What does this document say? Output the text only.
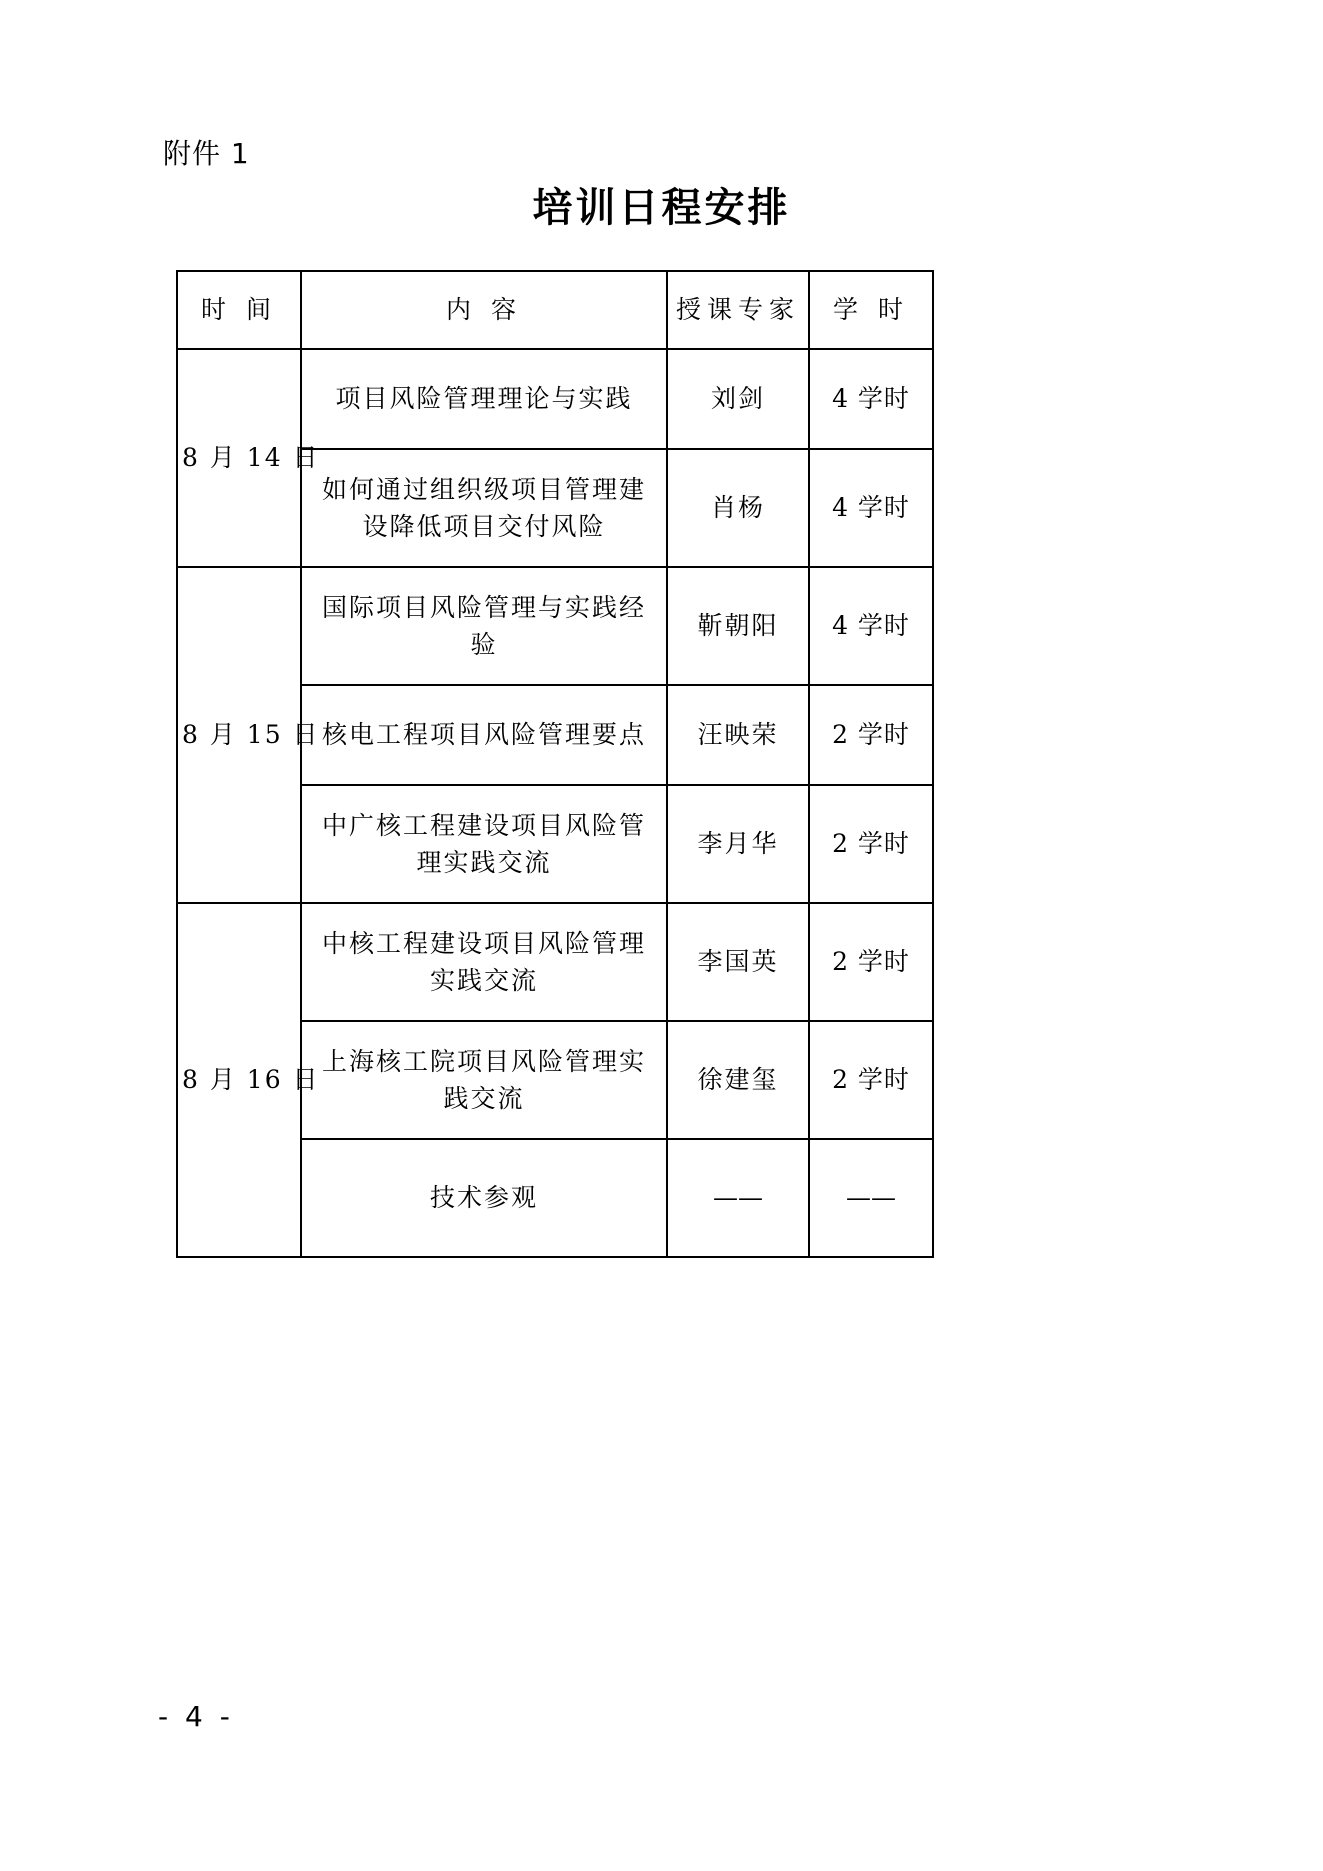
附件 1
培训日程安排
时 间	内 容	授课专家	学 时
8 月 14 日	项目风险管理理论与实践	刘剑	4 学时
	如何通过组织级项目管理建设降低项目交付风险	肖杨	4 学时
8 月 15 日	国际项目风险管理与实践经验	靳朝阳	4 学时
	核电工程项目风险管理要点	汪映荣	2 学时
	中广核工程建设项目风险管理实践交流	李月华	2 学时
8 月 16 日	中核工程建设项目风险管理实践交流	李国英	2 学时
	上海核工院项目风险管理实践交流	徐建玺	2 学时
	技术参观	——	——
- 4 -
